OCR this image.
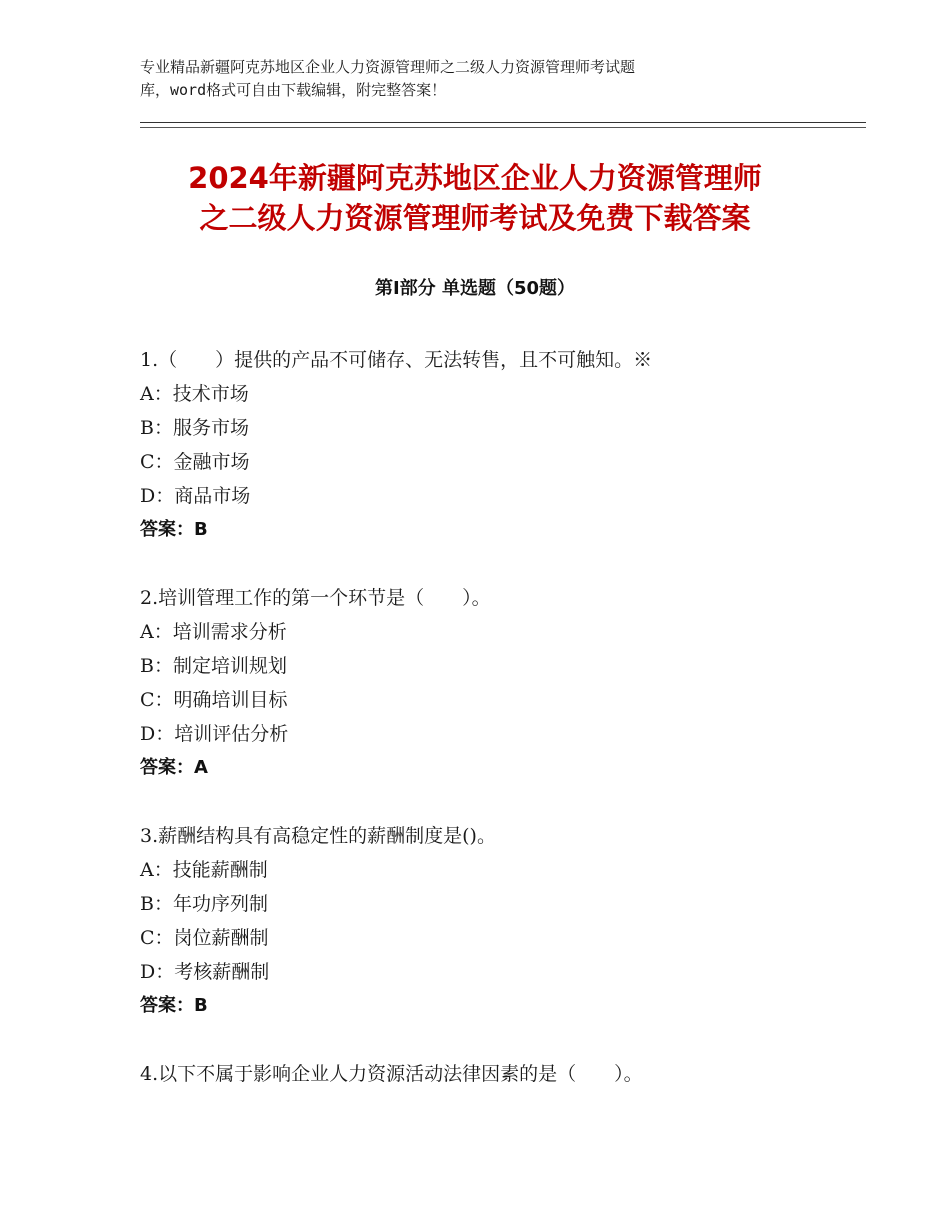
专业精品新疆阿克苏地区企业人力资源管理师之二级人力资源管理师考试题
库，word格式可自由下载编辑，附完整答案！
2024年新疆阿克苏地区企业人力资源管理师
之二级人力资源管理师考试及免费下载答案
第Ⅰ部分 单选题（50题）
1.（　　）提供的产品不可储存、无法转售，且不可触知。※
A：技术市场
B：服务市场
C：金融市场
D：商品市场
答案：B
2.培训管理工作的第一个环节是（　　）。
A：培训需求分析
B：制定培训规划
C：明确培训目标
D：培训评估分析
答案：A
3.薪酬结构具有高稳定性的薪酬制度是()。
A：技能薪酬制
B：年功序列制
C：岗位薪酬制
D：考核薪酬制
答案：B
4.以下不属于影响企业人力资源活动法律因素的是（　　）。
